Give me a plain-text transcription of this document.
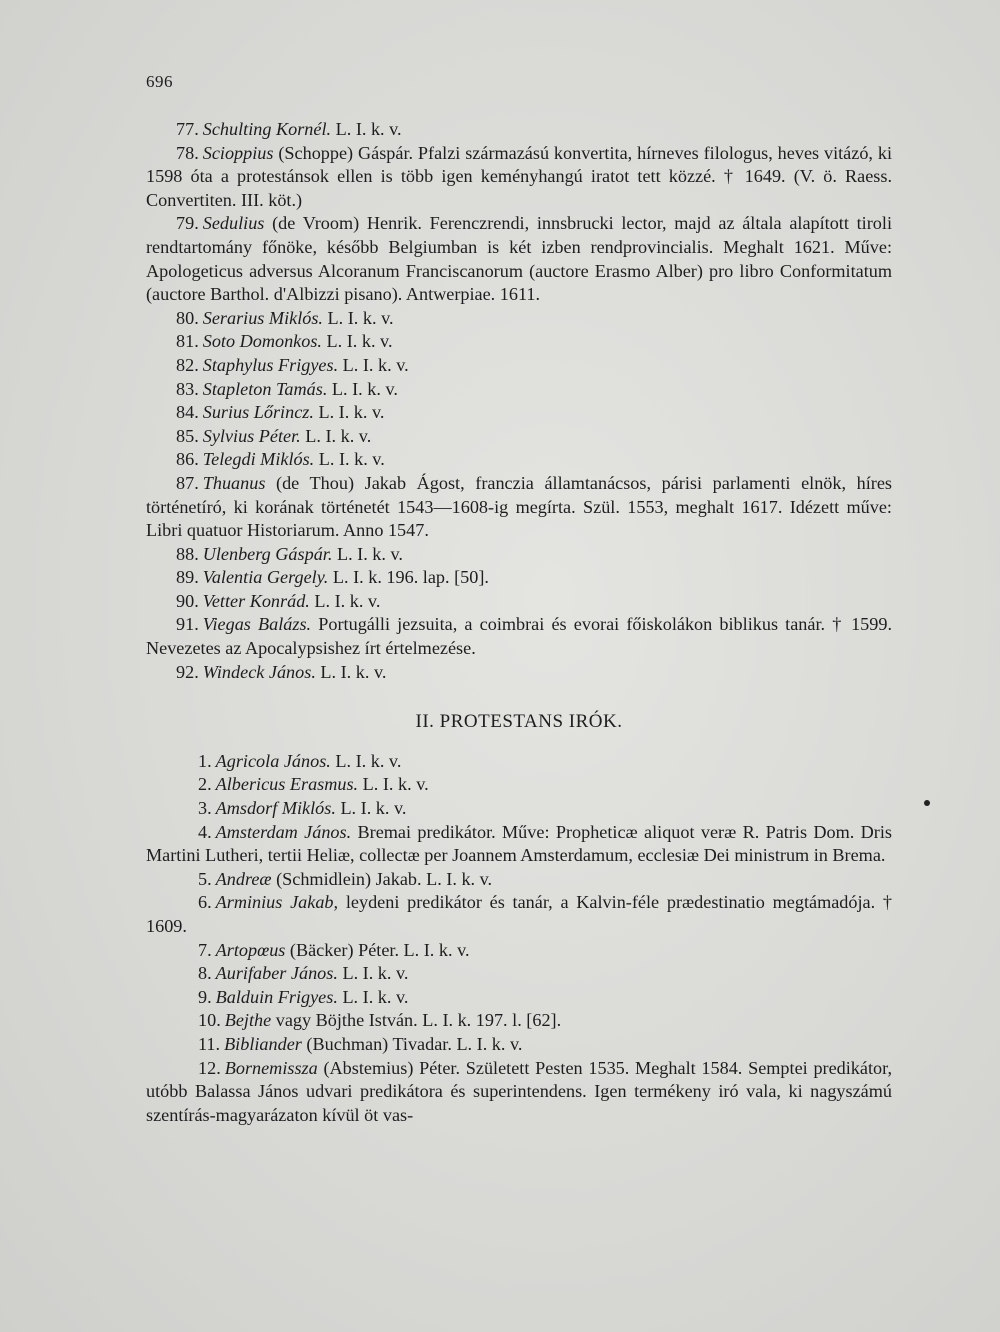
696

77. Schulting Kornél. L. I. k. v.

78. Scioppius (Schoppe) Gáspár. Pfalzi származású konvertita, hírneves filologus, heves vitázó, ki 1598 óta a protestánsok ellen is több igen keményhangú iratot tett közzé. † 1649. (V. ö. Raess. Convertiten. III. köt.)

79. Sedulius (de Vroom) Henrik. Ferenczrendi, innsbrucki lector, majd az általa alapított tiroli rendtartomány főnöke, később Belgiumban is két izben rendprovincialis. Meghalt 1621. Műve: Apologeticus adversus Alcoranum Franciscanorum (auctore Erasmo Alber) pro libro Conformitatum (auctore Barthol. d'Albizzi pisano). Antwerpiae. 1611.

80. Serarius Miklós. L. I. k. v.

81. Soto Domonkos. L. I. k. v.

82. Staphylus Frigyes. L. I. k. v.

83. Stapleton Tamás. L. I. k. v.

84. Surius Lőrincz. L. I. k. v.

85. Sylvius Péter. L. I. k. v.

86. Telegdi Miklós. L. I. k. v.

87. Thuanus (de Thou) Jakab Ágost, franczia államtanácsos, párisi parlamenti elnök, híres történetíró, ki korának történetét 1543—1608-ig megírta. Szül. 1553, meghalt 1617. Idézett műve: Libri quatuor Historiarum. Anno 1547.

88. Ulenberg Gáspár. L. I. k. v.

89. Valentia Gergely. L. I. k. 196. lap. [50].

90. Vetter Konrád. L. I. k. v.

91. Viegas Balázs. Portugálli jezsuita, a coimbrai és evorai főiskolákon biblikus tanár. † 1599. Nevezetes az Apocalypsishez írt értelmezése.

92. Windeck János. L. I. k. v.

II. PROTESTANS IRÓK.

1. Agricola János. L. I. k. v.

2. Albericus Erasmus. L. I. k. v.

3. Amsdorf Miklós. L. I. k. v.

4. Amsterdam János. Bremai predikátor. Műve: Propheticæ aliquot veræ R. Patris Dom. Dris Martini Lutheri, tertii Heliæ, collectæ per Joannem Amsterdamum, ecclesiæ Dei ministrum in Brema.

5. Andreæ (Schmidlein) Jakab. L. I. k. v.

6. Arminius Jakab, leydeni predikátor és tanár, a Kalvin-féle prædestinatio megtámadója. † 1609.

7. Artopœus (Bäcker) Péter. L. I. k. v.

8. Aurifaber János. L. I. k. v.

9. Balduin Frigyes. L. I. k. v.

10. Bejthe vagy Böjthe István. L. I. k. 197. l. [62].

11. Bibliander (Buchman) Tivadar. L. I. k. v.

12. Bornemissza (Abstemius) Péter. Született Pesten 1535. Meghalt 1584. Semptei predikátor, utóbb Balassa János udvari predikátora és superintendens. Igen termékeny iró vala, ki nagyszámú szentírás-magyarázaton kívül öt vas-
